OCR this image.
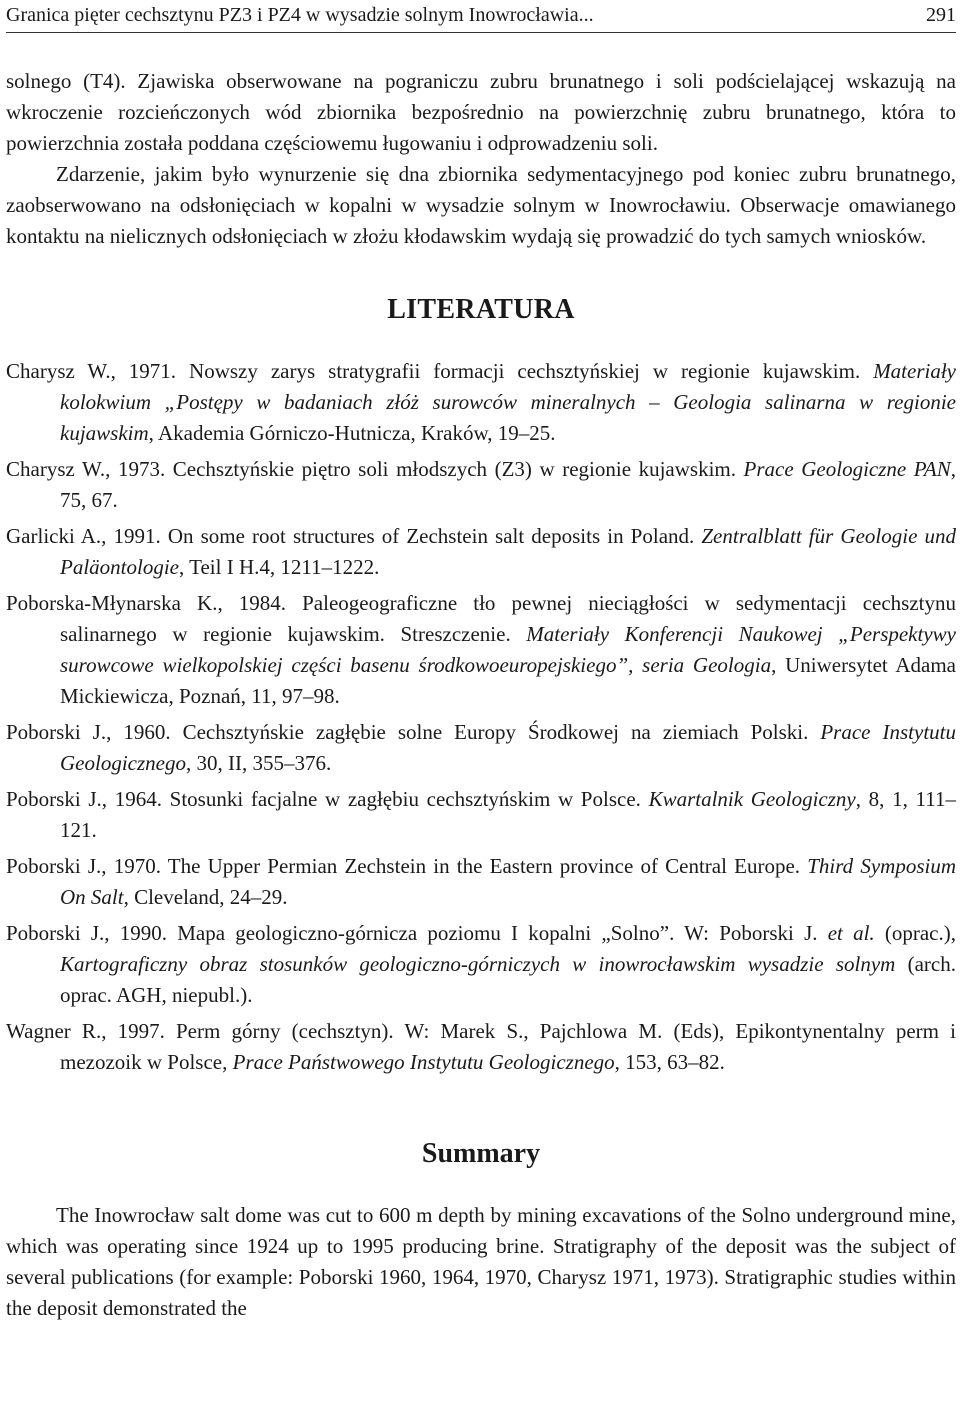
Granica pięter cechsztynu PZ3 i PZ4 w wysadzie solnym Inowrocławia...	291

solnego (T4). Zjawiska obserwowane na pograniczu zubru brunatnego i soli podścielającej wskazują na wkroczenie rozcieńczonych wód zbiornika bezpośrednio na powierzchnię zubru brunatnego, która to powierzchnia została poddana częściowemu ługowaniu i odprowadzeniu soli.

Zdarzenie, jakim było wynurzenie się dna zbiornika sedymentacyjnego pod koniec zubru brunatnego, zaobserwowano na odsłonięciach w kopalni w wysadzie solnym w Inowrocławiu. Obserwacje omawianego kontaktu na nielicznych odsłonięciach w złożu kłodawskim wydają się prowadzić do tych samych wniosków.

LITERATURA

Charysz W., 1971. Nowszy zarys stratygrafii formacji cechsztyńskiej w regionie kujawskim. Materiały kolokwium „Postępy w badaniach złóż surowców mineralnych – Geologia salinarna w regionie kujawskim, Akademia Górniczo-Hutnicza, Kraków, 19–25.

Charysz W., 1973. Cechsztyńskie piętro soli młodszych (Z3) w regionie kujawskim. Prace Geologiczne PAN, 75, 67.

Garlicki A., 1991. On some root structures of Zechstein salt deposits in Poland. Zentralblatt für Geologie und Paläontologie, Teil I H.4, 1211–1222.

Poborska-Młynarska K., 1984. Paleogeograficzne tło pewnej nieciągłości w sedymentacji cechsztynu salinarnego w regionie kujawskim. Streszczenie. Materiały Konferencji Naukowej „Perspektywy surowcowe wielkopolskiej części basenu środkowoeuropejskiego”, seria Geologia, Uniwersytet Adama Mickiewicza, Poznań, 11, 97–98.

Poborski J., 1960. Cechsztyńskie zagłębie solne Europy Środkowej na ziemiach Polski. Prace Instytutu Geologicznego, 30, II, 355–376.

Poborski J., 1964. Stosunki facjalne w zagłębiu cechsztyńskim w Polsce. Kwartalnik Geologiczny, 8, 1, 111–121.

Poborski J., 1970. The Upper Permian Zechstein in the Eastern province of Central Europe. Third Symposium On Salt, Cleveland, 24–29.

Poborski J., 1990. Mapa geologiczno-górnicza poziomu I kopalni „Solno”. W: Poborski J. et al. (oprac.), Kartograficzny obraz stosunków geologiczno-górniczych w inowrocławskim wysadzie solnym (arch. oprac. AGH, niepubl.).

Wagner R., 1997. Perm górny (cechsztyn). W: Marek S., Pajchlowa M. (Eds), Epikontynentalny perm i mezozoik w Polsce, Prace Państwowego Instytutu Geologicznego, 153, 63–82.

Summary

The Inowrocław salt dome was cut to 600 m depth by mining excavations of the Solno underground mine, which was operating since 1924 up to 1995 producing brine. Stratigraphy of the deposit was the subject of several publications (for example: Poborski 1960, 1964, 1970, Charysz 1971, 1973). Stratigraphic studies within the deposit demonstrated the
